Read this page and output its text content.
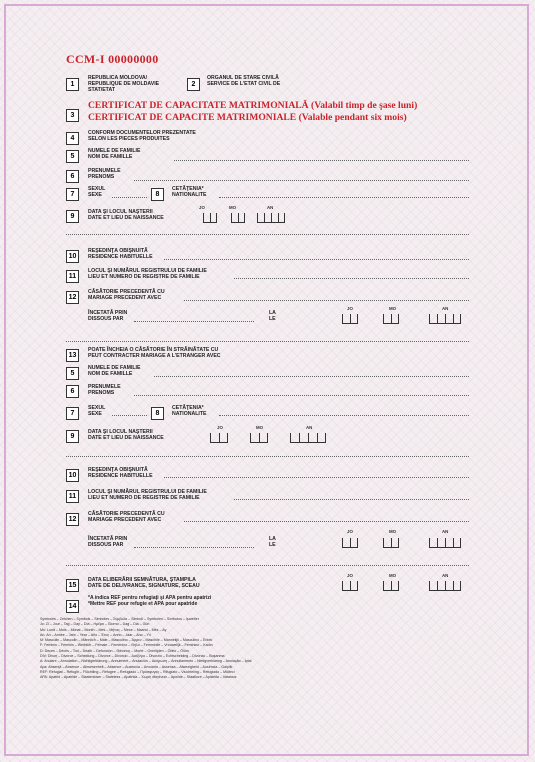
CCM-I 00000000
1
REPUBLICA MOLDOVA/
REPUBLIQUE DE MOLDAVIE
STAT/ETAT
2
ORGANUL DE STARE CIVILĂ
SERVICE DE L'ETAT CIVIL DE
CERTIFICAT DE CAPACITATE MATRIMONIALĂ (Valabil timp de şase luni)
CERTIFICAT DE CAPACITE MATRIMONIALE (Valable pendant six mois)
3
4
CONFORM DOCUMENTELOR PREZENTATE
SELON LES PIECES PRODUITES
5
NUMELE DE FAMILIE
NOM DE FAMILLE
6
PRENUMELE
PRENOMS
7
SEXUL
SEXE	8
CETĂŢENIA*
NATIONALITE
9
DATA ŞI LOCUL NAŞTERII
DATE ET LIEU DE NAISSANCE
JO	MO	AN
10
REŞEDINŢA OBIŞNUITĂ
RESIDENCE HABITUELLE
11
LOCUL ŞI NUMĂRUL REGISTRULUI DE FAMILIE
LIEU ET NUMERO DE REGISTRE DE FAMILIE
12
CĂSĂTORIE PRECEDENTĂ CU
MARIAGE PRECEDENT AVEC
ÎNCETATĂ PRIN
DISSOUS PAR
LA
LE
JO	MO	AN
13
POATE ÎNCHEIA O CĂSĂTORIE ÎN STRĂINĂTATE CU
PEUT CONTRACTER MARIAGE A L'ETRANGER AVEC
5
NUMELE DE FAMILIE
NOM DE FAMILLE
6
PRENUMELE
PRENOMS
7
SEXUL
SEXE	8
CETĂŢENIA*
NATIONALITE
9
DATA ŞI LOCUL NAŞTERII
DATE ET LIEU DE NAISSANCE
JO	MO	AN
10
REŞEDINŢA OBIŞNUITĂ
RESIDENCE HABITUELLE
11
LOCUL ŞI NUMĂRUL REGISTRULUI DE FAMILIE
LIEU ET NUMERO DE REGISTRE DE FAMILIE
12
CĂSĂTORIE PRECEDENTĂ CU
MARIAGE PRECEDENT AVEC
ÎNCETATĂ PRIN
DISSOUS PAR
LA
LE
JO	MO	AN
15
DATA ELIBERĂRII SEMNĂTURA, ŞTAMPILA
DATE DE DELIVRANCE, SIGNATURE, SCEAU
JO	MO	AN
14
*A indica REF pentru refugiaţi şi APA pentru apatrizi
*Mettre REF pour refugie et APA pour apatride
Symboles – Zeichen – Symbols – Simboles – Σύμβολα – Simboli – Symbolen – Símbolos – Işaretler
Jo: Zi – Jour – Tag – Day – Día – Ημέρα – Giorno – Dag – Dia – Gün
Mo: Lună – Mois – Monat – Month – Mes – Μήνας – Mese – Maand – Mês – Ay
An: An – Année – Jahr – Year – Año – Έτος – Anno – Jaar – Ano – Yıl
M: Masculin – Masculin – Männlich – Male – Masculino – Άρρεν – Maschile – Mannelijk – Masculino – Erkek
F: Feminin – Féminin – Weiblich – Female – Femenino – Θήλυ – Femminile – Vrouwelijk – Feminino – Kadın
D: Deces – Décès – Tod – Death – Defunción – Θάνατος – Morte – Overlijden – Óbito – Ölüm
DIV: Divorţ – Divorce – Scheidung – Divorce – Divorcio – Διαζύγιο – Divorzio – Echtscheiding – Divórcio – Boşanma
A: Anulare – Annulation – Nichtigerklärung – Annulment – Anulación – Ακύρωση – Annullamento – Nietigverklaring – Anulação – İptal
Apa: Absenţă – Absence – Abwesenheit – Absence – Ausencia – Απουσία – Assenza – Afwezigheid – Ausência – Gaiplik
REF: Refugiat – Réfugié – Flüchtling – Refugee – Refugiado – Πρόσφυγας – Rifugiato – Vluchteling – Refugiado – Mülteci
APA: Apatrid – Apatride – Staatenloser – Stateless – Apátrida – Χωρίς ιθαγένεια – Apolide – Staatloze – Apátrida – Vatansız
